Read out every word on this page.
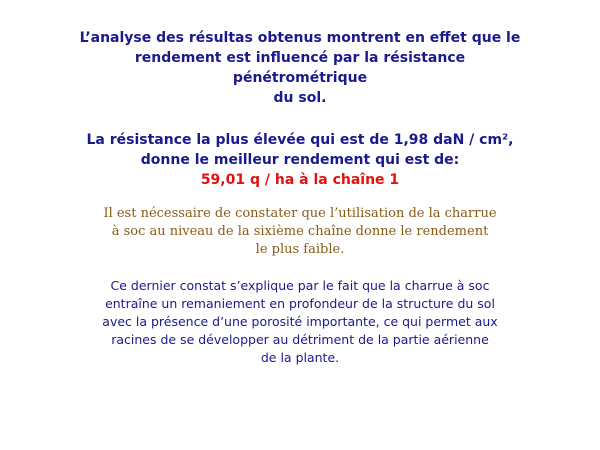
L’analyse des résultas obtenus montrent en effet que le
rendement est influencé par la résistance
pénétrométrique
du sol.

La résistance la plus élevée qui est de 1,98 daN / cm²,
donne le meilleur rendement qui est de:
59,01 q / ha à la chaîne 1

Il est nécessaire de constater que l’utilisation de la charrue
à soc au niveau de la sixième chaîne donne le rendement
le plus faible.

Ce dernier constat s’explique par le fait que la charrue à soc
entraîne un remaniement en profondeur de la structure du sol
avec la présence d’une porosité importante, ce qui permet aux
racines de se développer au détriment de la partie aérienne
de la plante.
